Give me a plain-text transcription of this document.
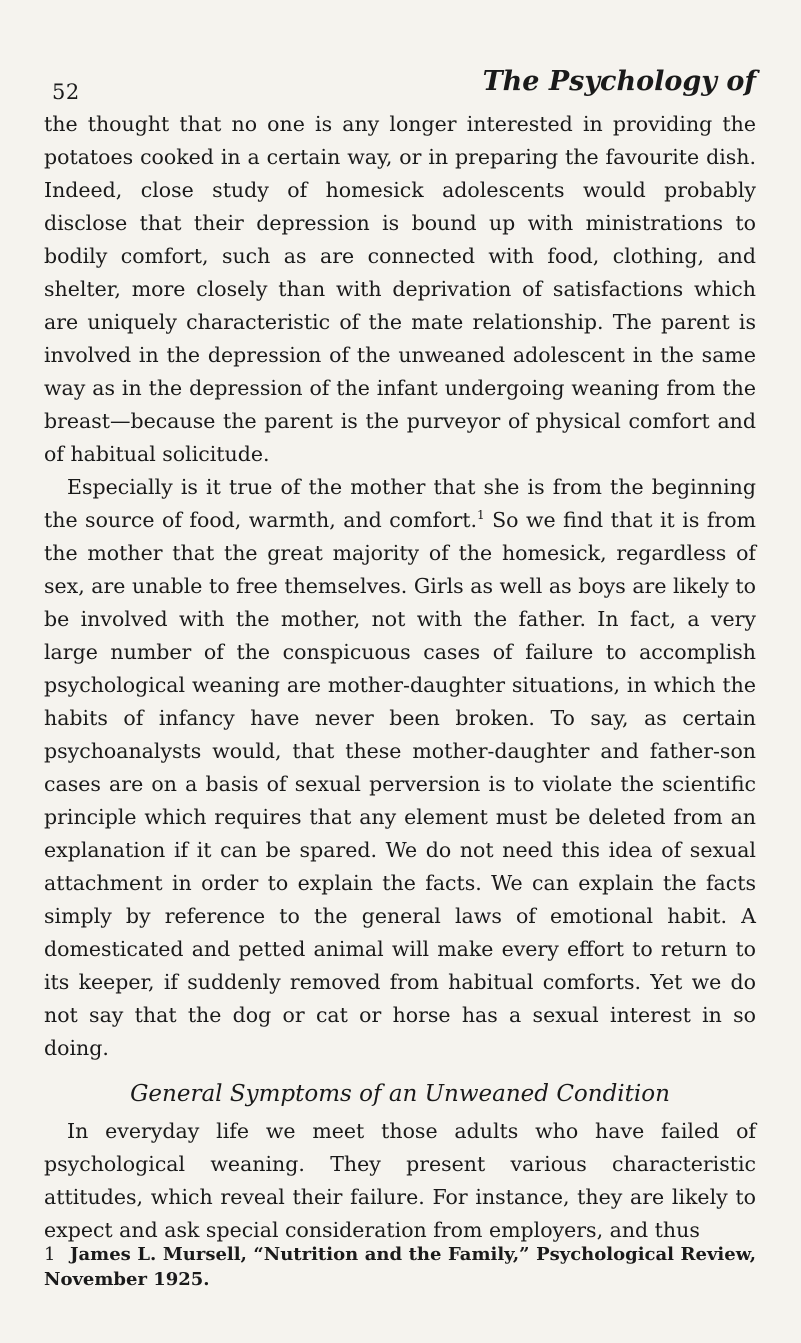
52	The Psychology of

the thought that no one is any longer interested in providing the potatoes cooked in a certain way, or in preparing the favourite dish. Indeed, close study of homesick adolescents would probably disclose that their depression is bound up with ministrations to bodily comfort, such as are connected with food, clothing, and shelter, more closely than with deprivation of satisfactions which are uniquely characteristic of the mate relationship. The parent is involved in the depression of the unweaned adolescent in the same way as in the depression of the infant undergoing weaning from the breast—because the parent is the purveyor of physical comfort and of habitual solicitude.

Especially is it true of the mother that she is from the beginning the source of food, warmth, and comfort.$^1$ So we find that it is from the mother that the great majority of the homesick, regardless of sex, are unable to free themselves. Girls as well as boys are likely to be involved with the mother, not with the father. In fact, a very large number of the conspicuous cases of failure to accomplish psychological weaning are mother-daughter situations, in which the habits of infancy have never been broken. To say, as certain psychoanalysts would, that these mother-daughter and father-son cases are on a basis of sexual perversion is to violate the scientific principle which requires that any element must be deleted from an explanation if it can be spared. We do not need this idea of sexual attachment in order to explain the facts. We can explain the facts simply by reference to the general laws of emotional habit. A domesticated and petted animal will make every effort to return to its keeper, if suddenly removed from habitual comforts. Yet we do not say that the dog or cat or horse has a sexual interest in so doing.

General Symptoms of an Unweaned Condition

In everyday life we meet those adults who have failed of psychological weaning. They present various characteristic attitudes, which reveal their failure. For instance, they are likely to expect and ask special consideration from employers, and thus

1 James L. Mursell, “Nutrition and the Family,” Psychological Review, November 1925.
